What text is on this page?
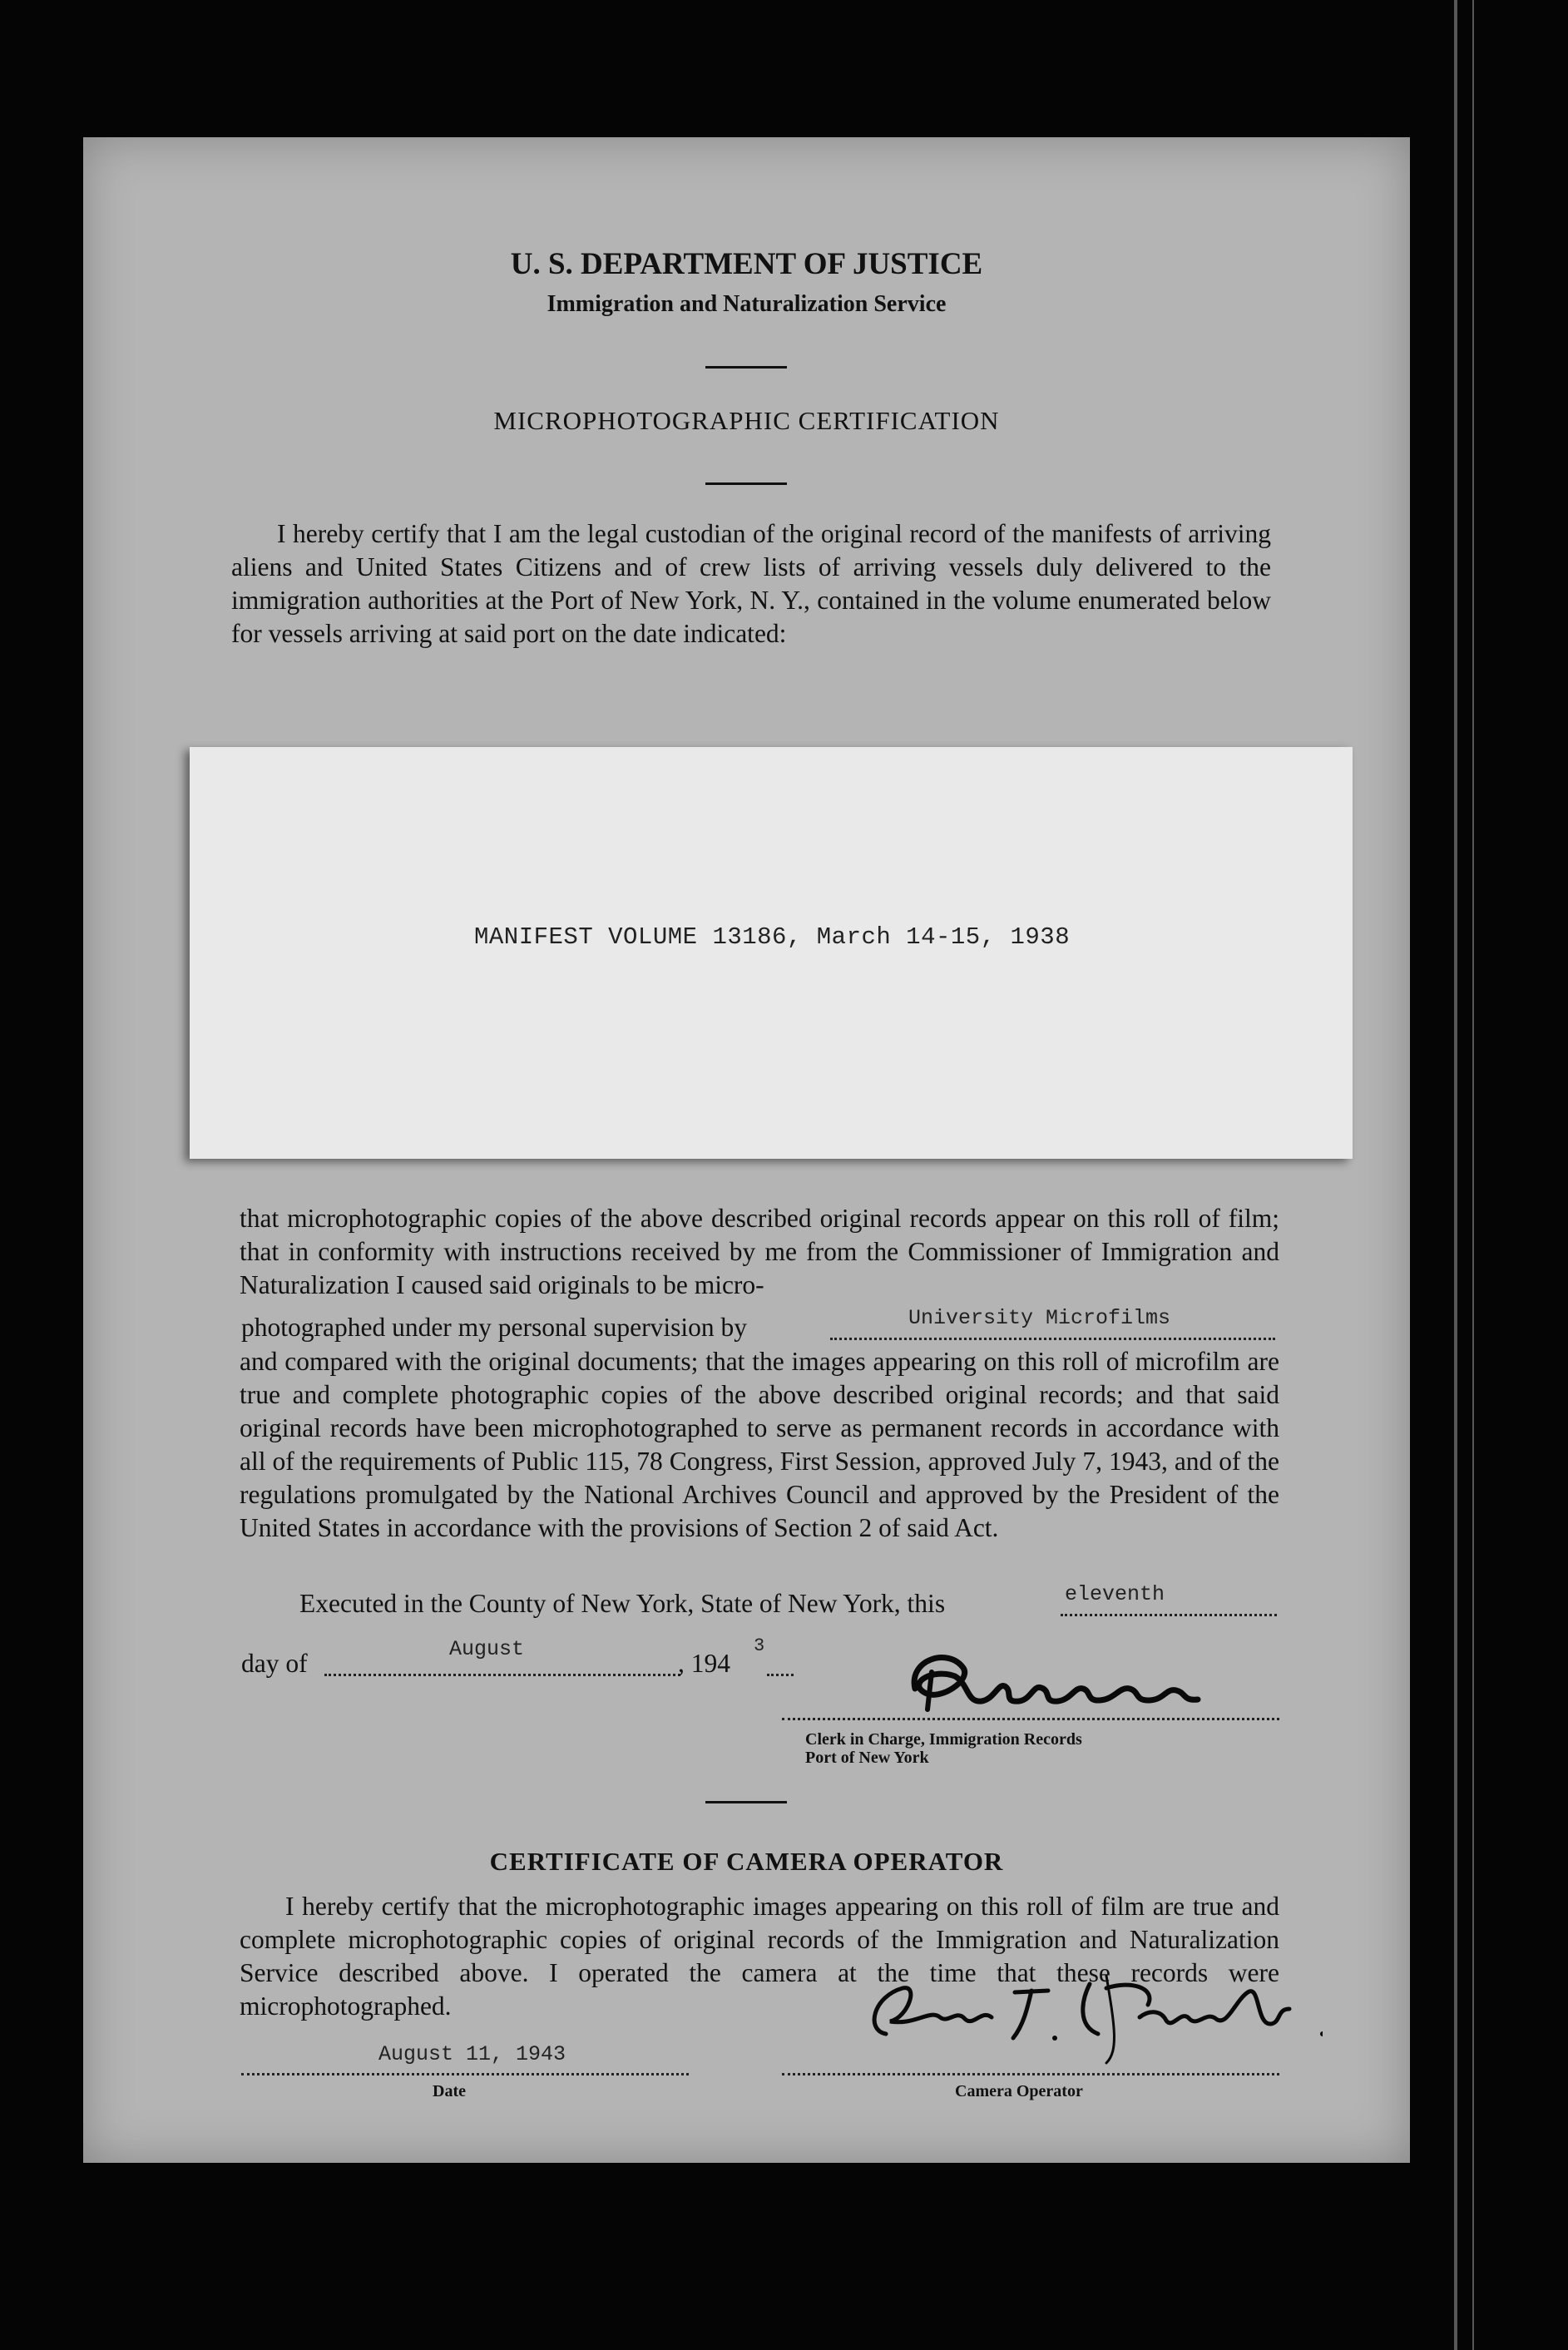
U. S. DEPARTMENT OF JUSTICE
Immigration and Naturalization Service
MICROPHOTOGRAPHIC CERTIFICATION
I hereby certify that I am the legal custodian of the original record of the manifests of arriving aliens and United States Citizens and of crew lists of arriving vessels duly delivered to the immigration authorities at the Port of New York, N. Y., contained in the volume enumerated below for vessels arriving at said port on the date indicated:
MANIFEST VOLUME 13186, March 14-15, 1938
that microphotographic copies of the above described original records appear on this roll of film; that in conformity with instructions received by me from the Commissioner of Immigration and Naturalization I caused said originals to be micro-
photographed under my personal supervision by	University Microfilms
and compared with the original documents; that the images appearing on this roll of microfilm are true and complete photographic copies of the above described original records; and that said original records have been microphotographed to serve as permanent records in accordance with all of the requirements of Public 115, 78 Congress, First Session, approved July 7, 1943, and of the regulations promulgated by the National Archives Council and approved by the President of the United States in accordance with the provisions of Section 2 of said Act.
Executed in the County of New York, State of New York, this	eleventh
day of	August	, 194
3
Clerk in Charge, Immigration Records
Port of New York
CERTIFICATE OF CAMERA OPERATOR
I hereby certify that the microphotographic images appearing on this roll of film are true and complete microphotographic copies of original records of the Immigration and Naturalization Service described above. I operated the camera at the time that these records were microphotographed.
August 11, 1943
Date	Camera Operator
